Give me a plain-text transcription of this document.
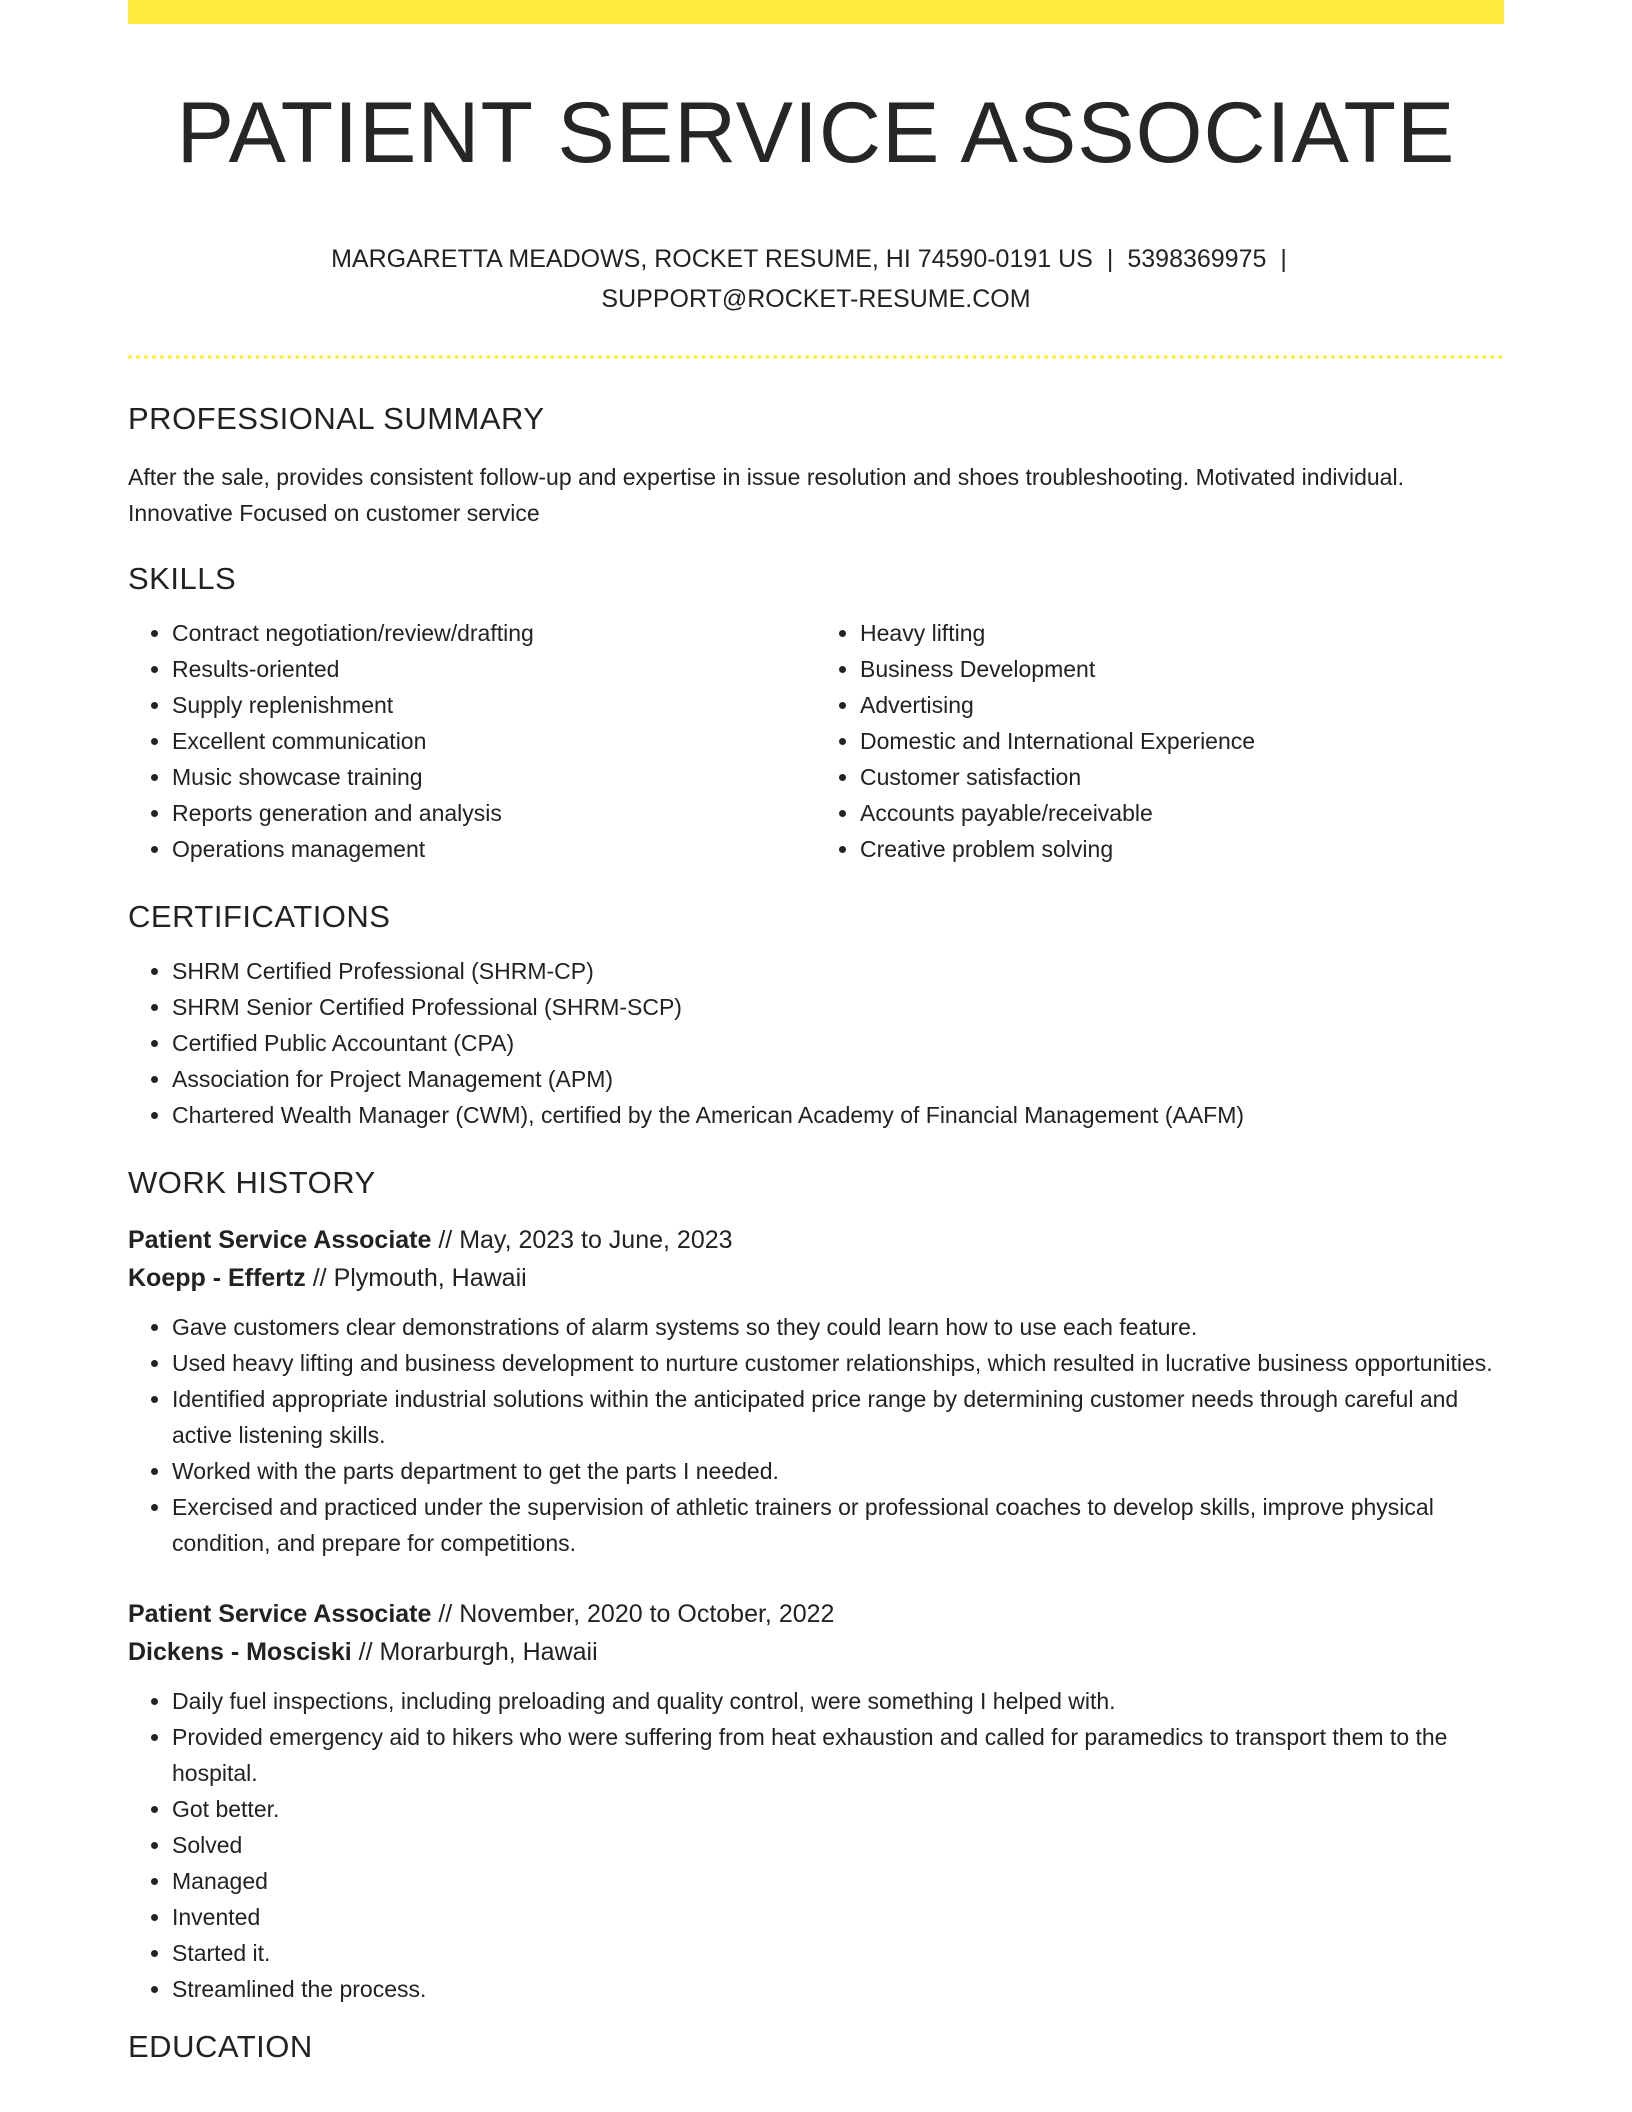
PATIENT SERVICE ASSOCIATE
MARGARETTA MEADOWS, ROCKET RESUME, HI 74590-0191 US | 5398369975 |
SUPPORT@ROCKET-RESUME.COM
PROFESSIONAL SUMMARY
After the sale, provides consistent follow-up and expertise in issue resolution and shoes troubleshooting. Motivated individual. Innovative Focused on customer service
SKILLS
• Contract negotiation/review/drafting
• Results-oriented
• Supply replenishment
• Excellent communication
• Music showcase training
• Reports generation and analysis
• Operations management
• Heavy lifting
• Business Development
• Advertising
• Domestic and International Experience
• Customer satisfaction
• Accounts payable/receivable
• Creative problem solving
CERTIFICATIONS
• SHRM Certified Professional (SHRM-CP)
• SHRM Senior Certified Professional (SHRM-SCP)
• Certified Public Accountant (CPA)
• Association for Project Management (APM)
• Chartered Wealth Manager (CWM), certified by the American Academy of Financial Management (AAFM)
WORK HISTORY
Patient Service Associate // May, 2023 to June, 2023
Koepp - Effertz // Plymouth, Hawaii
• Gave customers clear demonstrations of alarm systems so they could learn how to use each feature.
• Used heavy lifting and business development to nurture customer relationships, which resulted in lucrative business opportunities.
• Identified appropriate industrial solutions within the anticipated price range by determining customer needs through careful and active listening skills.
• Worked with the parts department to get the parts I needed.
• Exercised and practiced under the supervision of athletic trainers or professional coaches to develop skills, improve physical condition, and prepare for competitions.
Patient Service Associate // November, 2020 to October, 2022
Dickens - Mosciski // Morarburgh, Hawaii
• Daily fuel inspections, including preloading and quality control, were something I helped with.
• Provided emergency aid to hikers who were suffering from heat exhaustion and called for paramedics to transport them to the hospital.
• Got better.
• Solved
• Managed
• Invented
• Started it.
• Streamlined the process.
EDUCATION
